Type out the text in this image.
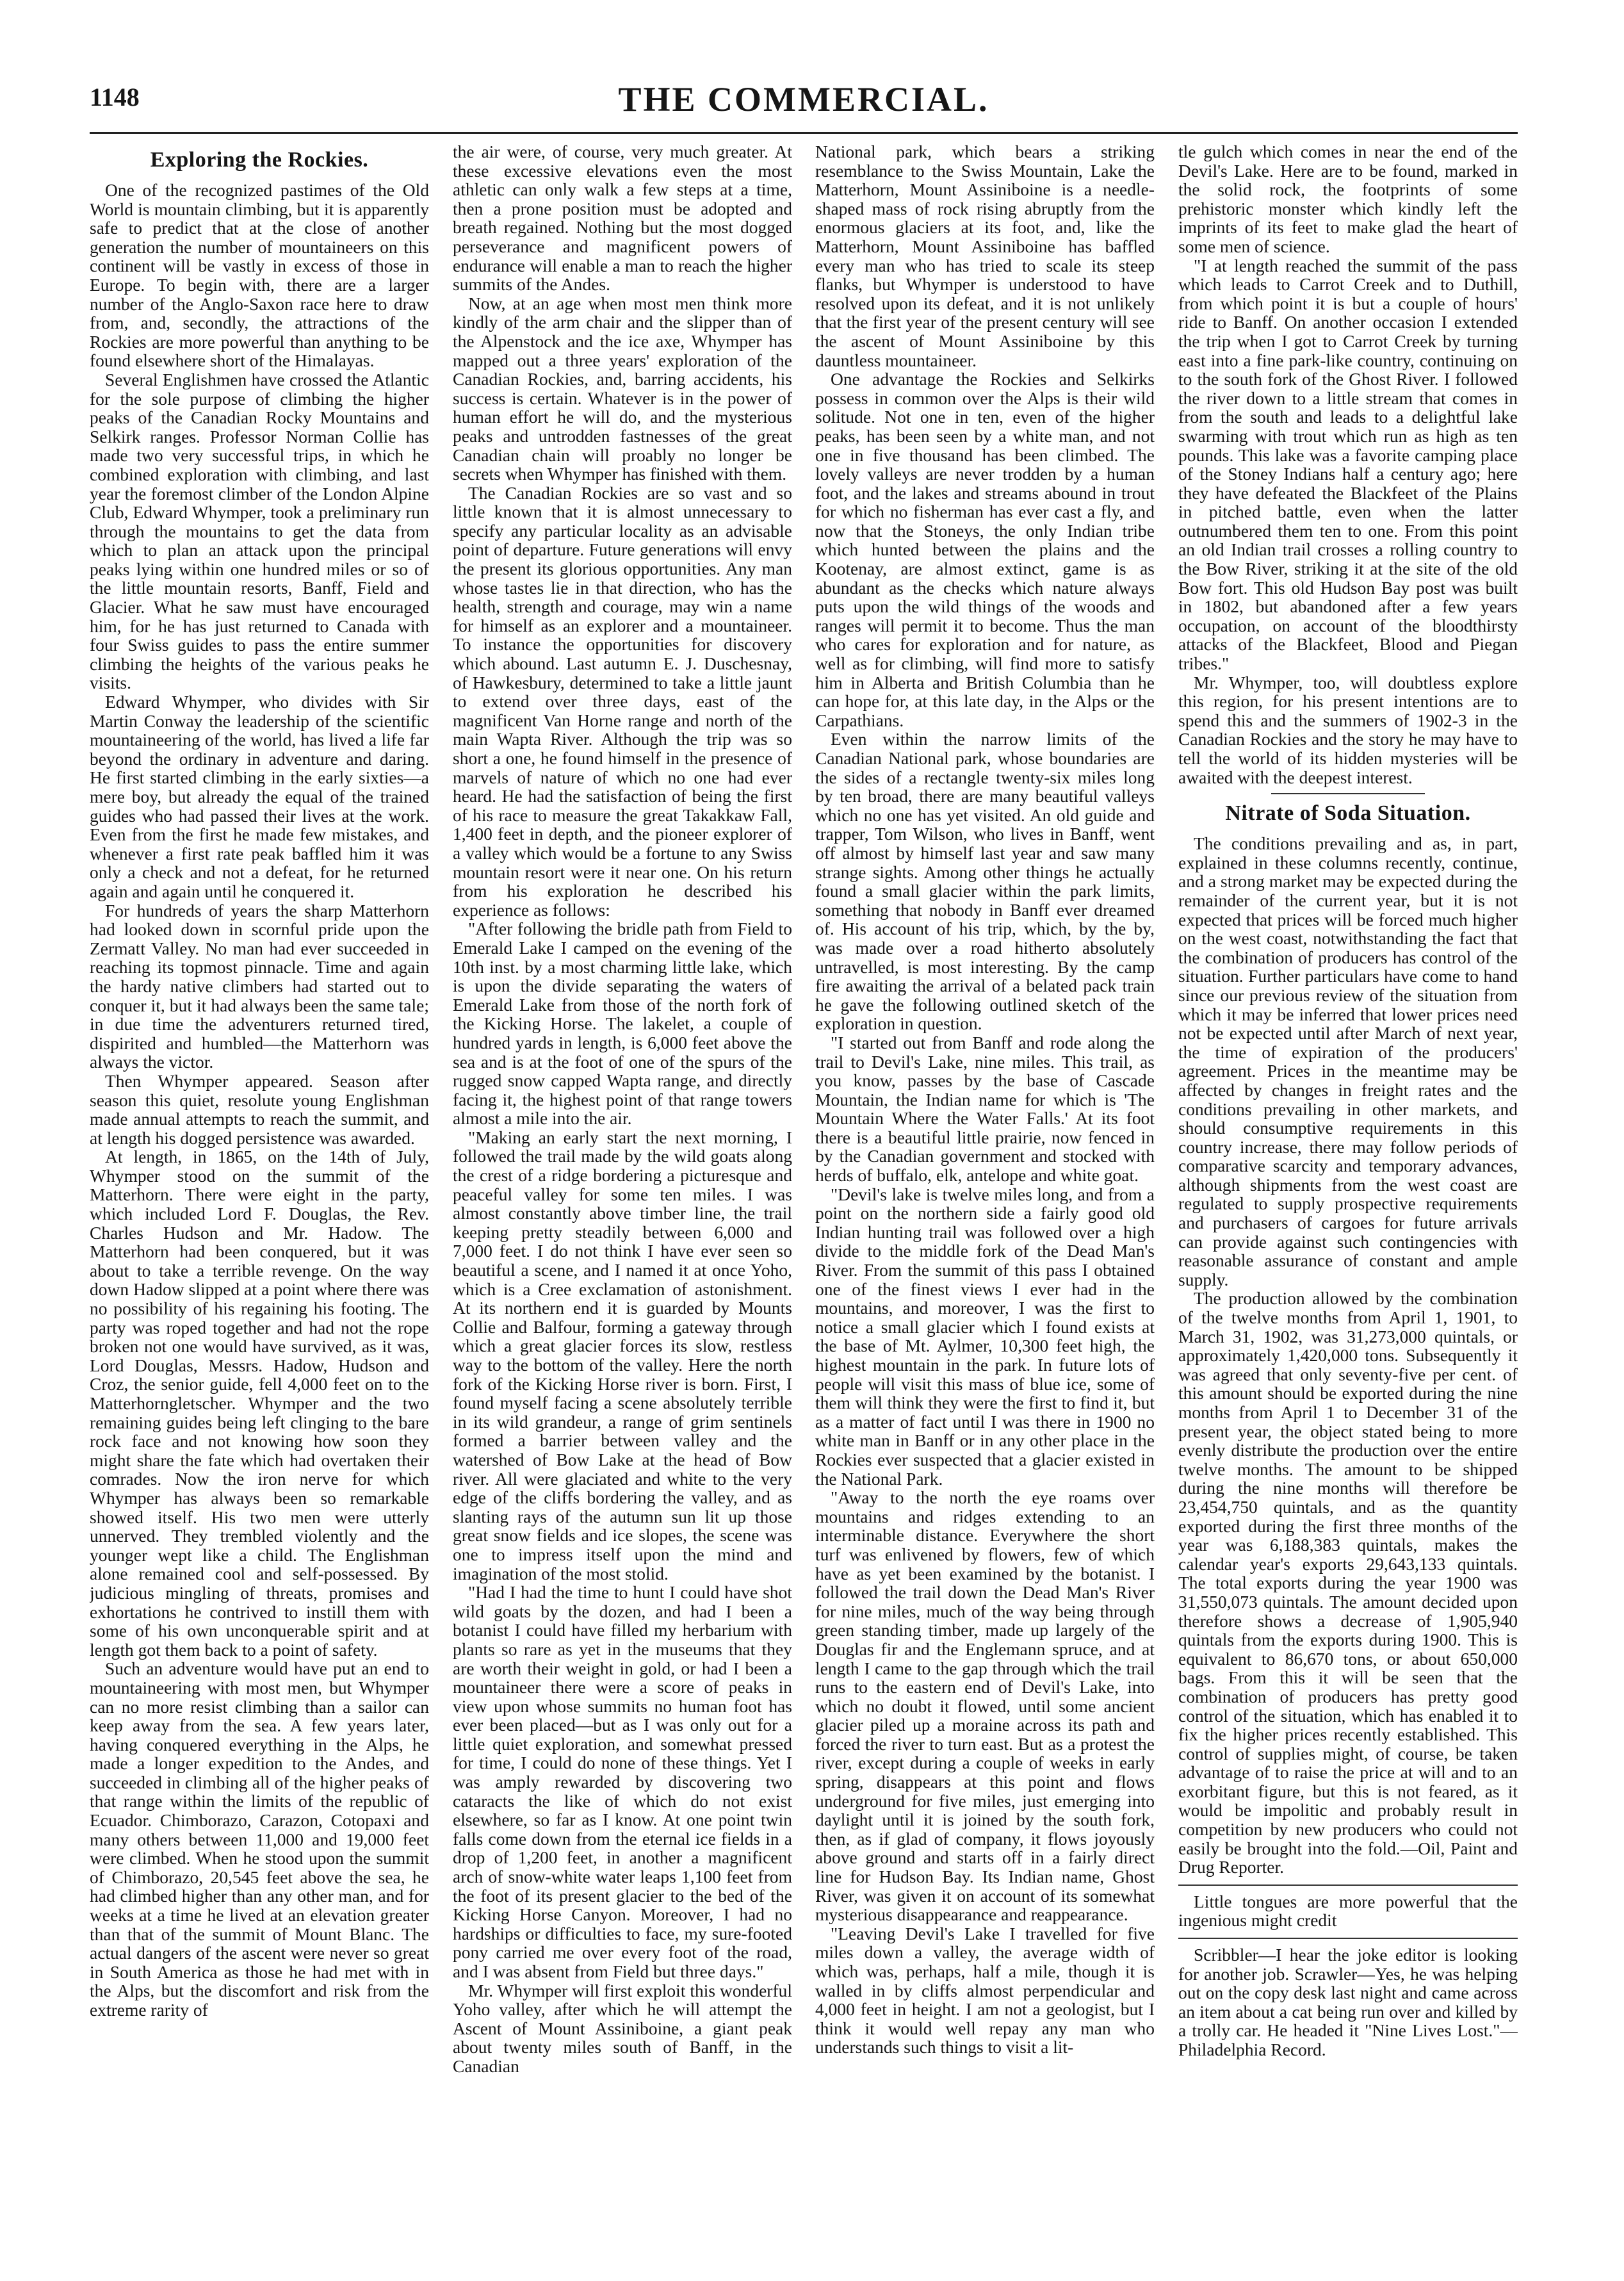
1148	THE COMMERCIAL.
Exploring the Rockies.

One of the recognized pastimes of the Old World is mountain climbing, but it is apparently safe to predict that at the close of another generation the number of mountaineers on this continent will be vastly in excess of those in Europe. To begin with, there are a larger number of the Anglo-Saxon race here to draw from, and, secondly, the attractions of the Rockies are more powerful than anything to be found elsewhere short of the Himalayas.

Several Englishmen have crossed the Atlantic for the sole purpose of climbing the higher peaks of the Canadian Rocky Mountains and Selkirk ranges. Professor Norman Collie has made two very successful trips, in which he combined exploration with climbing, and last year the foremost climber of the London Alpine Club, Edward Whymper, took a preliminary run through the mountains to get the data from which to plan an attack upon the principal peaks lying within one hundred miles or so of the little mountain resorts, Banff, Field and Glacier. What he saw must have encouraged him, for he has just returned to Canada with four Swiss guides to pass the entire summer climbing the heights of the various peaks he visits.

Edward Whymper, who divides with Sir Martin Conway the leadership of the scientific mountaineering of the world, has lived a life far beyond the ordinary in adventure and daring. He first started climbing in the early sixties—a mere boy, but already the equal of the trained guides who had passed their lives at the work. Even from the first he made few mistakes, and whenever a first rate peak baffled him it was only a check and not a defeat, for he returned again and again until he conquered it.

For hundreds of years the sharp Matterhorn had looked down in scornful pride upon the Zermatt Valley. No man had ever succeeded in reaching its topmost pinnacle. Time and again the hardy native climbers had started out to conquer it, but it had always been the same tale; in due time the adventurers returned tired, dispirited and humbled—the Matterhorn was always the victor.

Then Whymper appeared. Season after season this quiet, resolute young Englishman made annual attempts to reach the summit, and at length his dogged persistence was awarded.

At length, in 1865, on the 14th of July, Whymper stood on the summit of the Matterhorn. There were eight in the party, which included Lord F. Douglas, the Rev. Charles Hudson and Mr. Hadow. The Matterhorn had been conquered, but it was about to take a terrible revenge. On the way down Hadow slipped at a point where there was no possibility of his regaining his footing. The party was roped together and had not the rope broken not one would have survived, as it was, Lord Douglas, Messrs. Hadow, Hudson and Croz, the senior guide, fell 4,000 feet on to the Matterhorngletscher. Whymper and the two remaining guides being left clinging to the bare rock face and not knowing how soon they might share the fate which had overtaken their comrades. Now the iron nerve for which Whymper has always been so remarkable showed itself. His two men were utterly unnerved. They trembled violently and the younger wept like a child. The Englishman alone remained cool and self-possessed. By judicious mingling of threats, promises and exhortations he contrived to instill them with some of his own unconquerable spirit and at length got them back to a point of safety.

Such an adventure would have put an end to mountaineering with most men, but Whymper can no more resist climbing than a sailor can keep away from the sea. A few years later, having conquered everything in the Alps, he made a longer expedition to the Andes, and succeeded in climbing all of the higher peaks of that range within the limits of the republic of Ecuador. Chimborazo, Carazon, Cotopaxi and many others between 11,000 and 19,000 feet were climbed. When he stood upon the summit of Chimborazo, 20,545 feet above the sea, he had climbed higher than any other man, and for weeks at a time he lived at an elevation greater than that of the summit of Mount Blanc. The actual dangers of the ascent were never so great in South America as those he had met with in the Alps, but the discomfort and risk from the extreme rarity of

the air were, of course, very much greater. At these excessive elevations even the most athletic can only walk a few steps at a time, then a prone position must be adopted and breath regained. Nothing but the most dogged perseverance and magnificent powers of endurance will enable a man to reach the higher summits of the Andes.

Now, at an age when most men think more kindly of the arm chair and the slipper than of the Alpenstock and the ice axe, Whymper has mapped out a three years' exploration of the Canadian Rockies, and, barring accidents, his success is certain. Whatever is in the power of human effort he will do, and the mysterious peaks and untrodden fastnesses of the great Canadian chain will proably no longer be secrets when Whymper has finished with them.

The Canadian Rockies are so vast and so little known that it is almost unnecessary to specify any particular locality as an advisable point of departure. Future generations will envy the present its glorious opportunities. Any man whose tastes lie in that direction, who has the health, strength and courage, may win a name for himself as an explorer and a mountaineer. To instance the opportunities for discovery which abound. Last autumn E. J. Duschesnay, of Hawkesbury, determined to take a little jaunt to extend over three days, east of the magnificent Van Horne range and north of the main Wapta River. Although the trip was so short a one, he found himself in the presence of marvels of nature of which no one had ever heard. He had the satisfaction of being the first of his race to measure the great Takakkaw Fall, 1,400 feet in depth, and the pioneer explorer of a valley which would be a fortune to any Swiss mountain resort were it near one. On his return from his exploration he described his experience as follows:

"After following the bridle path from Field to Emerald Lake I camped on the evening of the 10th inst. by a most charming little lake, which is upon the divide separating the waters of Emerald Lake from those of the north fork of the Kicking Horse. The lakelet, a couple of hundred yards in length, is 6,000 feet above the sea and is at the foot of one of the spurs of the rugged snow capped Wapta range, and directly facing it, the highest point of that range towers almost a mile into the air.

"Making an early start the next morning, I followed the trail made by the wild goats along the crest of a ridge bordering a picturesque and peaceful valley for some ten miles. I was almost constantly above timber line, the trail keeping pretty steadily between 6,000 and 7,000 feet. I do not think I have ever seen so beautiful a scene, and I named it at once Yoho, which is a Cree exclamation of astonishment. At its northern end it is guarded by Mounts Collie and Balfour, forming a gateway through which a great glacier forces its slow, restless way to the bottom of the valley. Here the north fork of the Kicking Horse river is born. First, I found myself facing a scene absolutely terrible in its wild grandeur, a range of grim sentinels formed a barrier between valley and the watershed of Bow Lake at the head of Bow river. All were glaciated and white to the very edge of the cliffs bordering the valley, and as slanting rays of the autumn sun lit up those great snow fields and ice slopes, the scene was one to impress itself upon the mind and imagination of the most stolid.

"Had I had the time to hunt I could have shot wild goats by the dozen, and had I been a botanist I could have filled my herbarium with plants so rare as yet in the museums that they are worth their weight in gold, or had I been a mountaineer there were a score of peaks in view upon whose summits no human foot has ever been placed—but as I was only out for a little quiet exploration, and somewhat pressed for time, I could do none of these things. Yet I was amply rewarded by discovering two cataracts the like of which do not exist elsewhere, so far as I know. At one point twin falls come down from the eternal ice fields in a drop of 1,200 feet, in another a magnificent arch of snow-white water leaps 1,100 feet from the foot of its present glacier to the bed of the Kicking Horse Canyon. Moreover, I had no hardships or difficulties to face, my sure-footed pony carried me over every foot of the road, and I was absent from Field but three days."

Mr. Whymper will first exploit this wonderful Yoho valley, after which he will attempt the Ascent of Mount Assiniboine, a giant peak about twenty miles south of Banff, in the Canadian

National park, which bears a striking resemblance to the Swiss Mountain, Lake the Matterhorn, Mount Assiniboine is a needle-shaped mass of rock rising abruptly from the enormous glaciers at its foot, and, like the Matterhorn, Mount Assiniboine has baffled every man who has tried to scale its steep flanks, but Whymper is understood to have resolved upon its defeat, and it is not unlikely that the first year of the present century will see the ascent of Mount Assiniboine by this dauntless mountaineer.

One advantage the Rockies and Selkirks possess in common over the Alps is their wild solitude. Not one in ten, even of the higher peaks, has been seen by a white man, and not one in five thousand has been climbed. The lovely valleys are never trodden by a human foot, and the lakes and streams abound in trout for which no fisherman has ever cast a fly, and now that the Stoneys, the only Indian tribe which hunted between the plains and the Kootenay, are almost extinct, game is as abundant as the checks which nature always puts upon the wild things of the woods and ranges will permit it to become. Thus the man who cares for exploration and for nature, as well as for climbing, will find more to satisfy him in Alberta and British Columbia than he can hope for, at this late day, in the Alps or the Carpathians.

Even within the narrow limits of the Canadian National park, whose boundaries are the sides of a rectangle twenty-six miles long by ten broad, there are many beautiful valleys which no one has yet visited. An old guide and trapper, Tom Wilson, who lives in Banff, went off almost by himself last year and saw many strange sights. Among other things he actually found a small glacier within the park limits, something that nobody in Banff ever dreamed of. His account of his trip, which, by the by, was made over a road hitherto absolutely untravelled, is most interesting. By the camp fire awaiting the arrival of a belated pack train he gave the following outlined sketch of the exploration in question.

"I started out from Banff and rode along the trail to Devil's Lake, nine miles. This trail, as you know, passes by the base of Cascade Mountain, the Indian name for which is 'The Mountain Where the Water Falls.' At its foot there is a beautiful little prairie, now fenced in by the Canadian government and stocked with herds of buffalo, elk, antelope and white goat.

"Devil's lake is twelve miles long, and from a point on the northern side a fairly good old Indian hunting trail was followed over a high divide to the middle fork of the Dead Man's River. From the summit of this pass I obtained one of the finest views I ever had in the mountains, and moreover, I was the first to notice a small glacier which I found exists at the base of Mt. Aylmer, 10,300 feet high, the highest mountain in the park. In future lots of people will visit this mass of blue ice, some of them will think they were the first to find it, but as a matter of fact until I was there in 1900 no white man in Banff or in any other place in the Rockies ever suspected that a glacier existed in the National Park.

"Away to the north the eye roams over mountains and ridges extending to an interminable distance. Everywhere the short turf was enlivened by flowers, few of which have as yet been examined by the botanist. I followed the trail down the Dead Man's River for nine miles, much of the way being through green standing timber, made up largely of the Douglas fir and the Englemann spruce, and at length I came to the gap through which the trail runs to the eastern end of Devil's Lake, into which no doubt it flowed, until some ancient glacier piled up a moraine across its path and forced the river to turn east. But as a protest the river, except during a couple of weeks in early spring, disappears at this point and flows underground for five miles, just emerging into daylight until it is joined by the south fork, then, as if glad of company, it flows joyously above ground and starts off in a fairly direct line for Hudson Bay. Its Indian name, Ghost River, was given it on account of its somewhat mysterious disappearance and reappearance.

"Leaving Devil's Lake I travelled for five miles down a valley, the average width of which was, perhaps, half a mile, though it is walled in by cliffs almost perpendicular and 4,000 feet in height. I am not a geologist, but I think it would well repay any man who understands such things to visit a lit-

tle gulch which comes in near the end of the Devil's Lake. Here are to be found, marked in the solid rock, the footprints of some prehistoric monster which kindly left the imprints of its feet to make glad the heart of some men of science.

"I at length reached the summit of the pass which leads to Carrot Creek and to Duthill, from which point it is but a couple of hours' ride to Banff. On another occasion I extended the trip when I got to Carrot Creek by turning east into a fine park-like country, continuing on to the south fork of the Ghost River. I followed the river down to a little stream that comes in from the south and leads to a delightful lake swarming with trout which run as high as ten pounds. This lake was a favorite camping place of the Stoney Indians half a century ago; here they have defeated the Blackfeet of the Plains in pitched battle, even when the latter outnumbered them ten to one. From this point an old Indian trail crosses a rolling country to the Bow River, striking it at the site of the old Bow fort. This old Hudson Bay post was built in 1802, but abandoned after a few years occupation, on account of the bloodthirsty attacks of the Blackfeet, Blood and Piegan tribes."

Mr. Whymper, too, will doubtless explore this region, for his present intentions are to spend this and the summers of 1902-3 in the Canadian Rockies and the story he may have to tell the world of its hidden mysteries will be awaited with the deepest interest.

Nitrate of Soda Situation.

The conditions prevailing and as, in part, explained in these columns recently, continue, and a strong market may be expected during the remainder of the current year, but it is not expected that prices will be forced much higher on the west coast, notwithstanding the fact that the combination of producers has control of the situation. Further particulars have come to hand since our previous review of the situation from which it may be inferred that lower prices need not be expected until after March of next year, the time of expiration of the producers' agreement. Prices in the meantime may be affected by changes in freight rates and the conditions prevailing in other markets, and should consumptive requirements in this country increase, there may follow periods of comparative scarcity and temporary advances, although shipments from the west coast are regulated to supply prospective requirements and purchasers of cargoes for future arrivals can provide against such contingencies with reasonable assurance of constant and ample supply.

The production allowed by the combination of the twelve months from April 1, 1901, to March 31, 1902, was 31,273,000 quintals, or approximately 1,420,000 tons. Subsequently it was agreed that only seventy-five per cent. of this amount should be exported during the nine months from April 1 to December 31 of the present year, the object stated being to more evenly distribute the production over the entire twelve months. The amount to be shipped during the nine months will therefore be 23,454,750 quintals, and as the quantity exported during the first three months of the year was 6,188,383 quintals, makes the calendar year's exports 29,643,133 quintals. The total exports during the year 1900 was 31,550,073 quintals. The amount decided upon therefore shows a decrease of 1,905,940 quintals from the exports during 1900. This is equivalent to 86,670 tons, or about 650,000 bags. From this it will be seen that the combination of producers has pretty good control of the situation, which has enabled it to fix the higher prices recently established. This control of supplies might, of course, be taken advantage of to raise the price at will and to an exorbitant figure, but this is not feared, as it would be impolitic and probably result in competition by new producers who could not easily be brought into the fold.—Oil, Paint and Drug Reporter.

Little tongues are more powerful that the ingenious might credit

Scribbler—I hear the joke editor is looking for another job. Scrawler—Yes, he was helping out on the copy desk last night and came across an item about a cat being run over and killed by a trolly car. He headed it "Nine Lives Lost."—Philadelphia Record.
